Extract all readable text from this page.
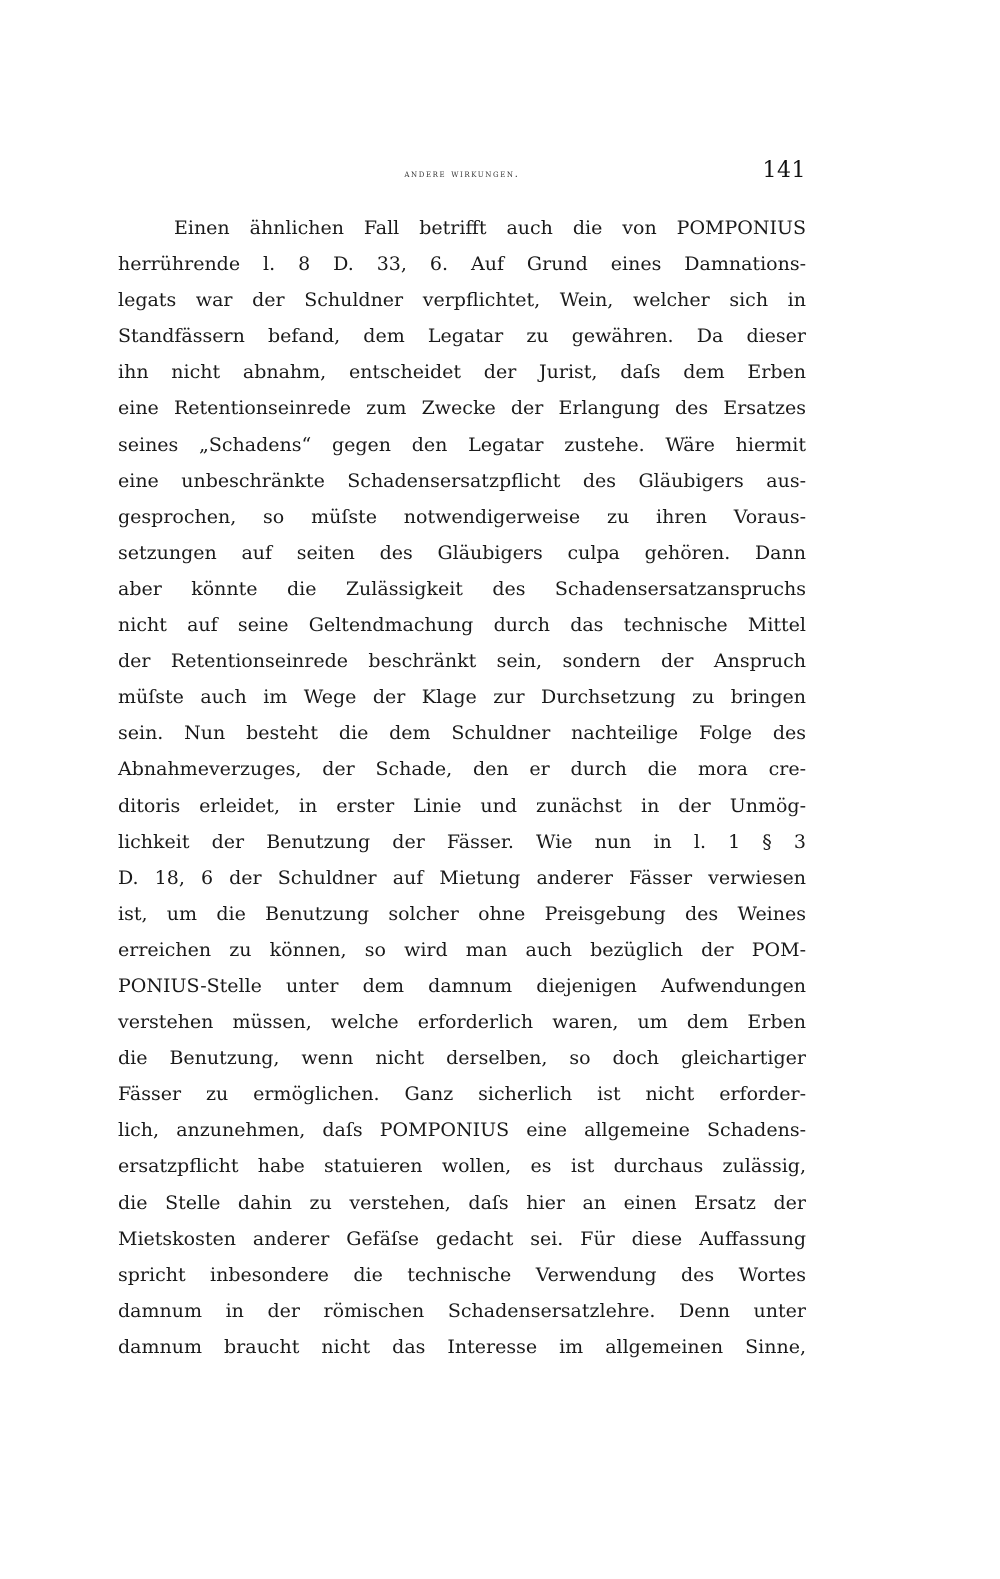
andere wirkungen.	141
Einen ähnlichen Fall betrifft auch die von POMPONIUS
herrührende l. 8 D. 33, 6. Auf Grund eines Damnations-
legats war der Schuldner verpflichtet, Wein, welcher sich in
Standfässern befand, dem Legatar zu gewähren. Da dieser
ihn nicht abnahm, entscheidet der Jurist, daſs dem Erben
eine Retentionseinrede zum Zwecke der Erlangung des Ersatzes
seines „Schadens“ gegen den Legatar zustehe. Wäre hiermit
eine unbeschränkte Schadensersatzpflicht des Gläubigers aus-
gesprochen, so müſste notwendigerweise zu ihren Voraus-
setzungen auf seiten des Gläubigers culpa gehören. Dann
aber könnte die Zulässigkeit des Schadensersatzanspruchs
nicht auf seine Geltendmachung durch das technische Mittel
der Retentionseinrede beschränkt sein, sondern der Anspruch
müſste auch im Wege der Klage zur Durchsetzung zu bringen
sein. Nun besteht die dem Schuldner nachteilige Folge des
Abnahmeverzuges, der Schade, den er durch die mora cre-
ditoris erleidet, in erster Linie und zunächst in der Unmög-
lichkeit der Benutzung der Fässer. Wie nun in l. 1 § 3
D. 18, 6 der Schuldner auf Mietung anderer Fässer verwiesen
ist, um die Benutzung solcher ohne Preisgebung des Weines
erreichen zu können, so wird man auch bezüglich der POM-
PONIUS-Stelle unter dem damnum diejenigen Aufwendungen
verstehen müssen, welche erforderlich waren, um dem Erben
die Benutzung, wenn nicht derselben, so doch gleichartiger
Fässer zu ermöglichen. Ganz sicherlich ist nicht erforder-
lich, anzunehmen, daſs POMPONIUS eine allgemeine Schadens-
ersatzpflicht habe statuieren wollen, es ist durchaus zulässig,
die Stelle dahin zu verstehen, daſs hier an einen Ersatz der
Mietskosten anderer Gefäſse gedacht sei. Für diese Auffassung
spricht inbesondere die technische Verwendung des Wortes
damnum in der römischen Schadensersatzlehre. Denn unter
damnum braucht nicht das Interesse im allgemeinen Sinne,
